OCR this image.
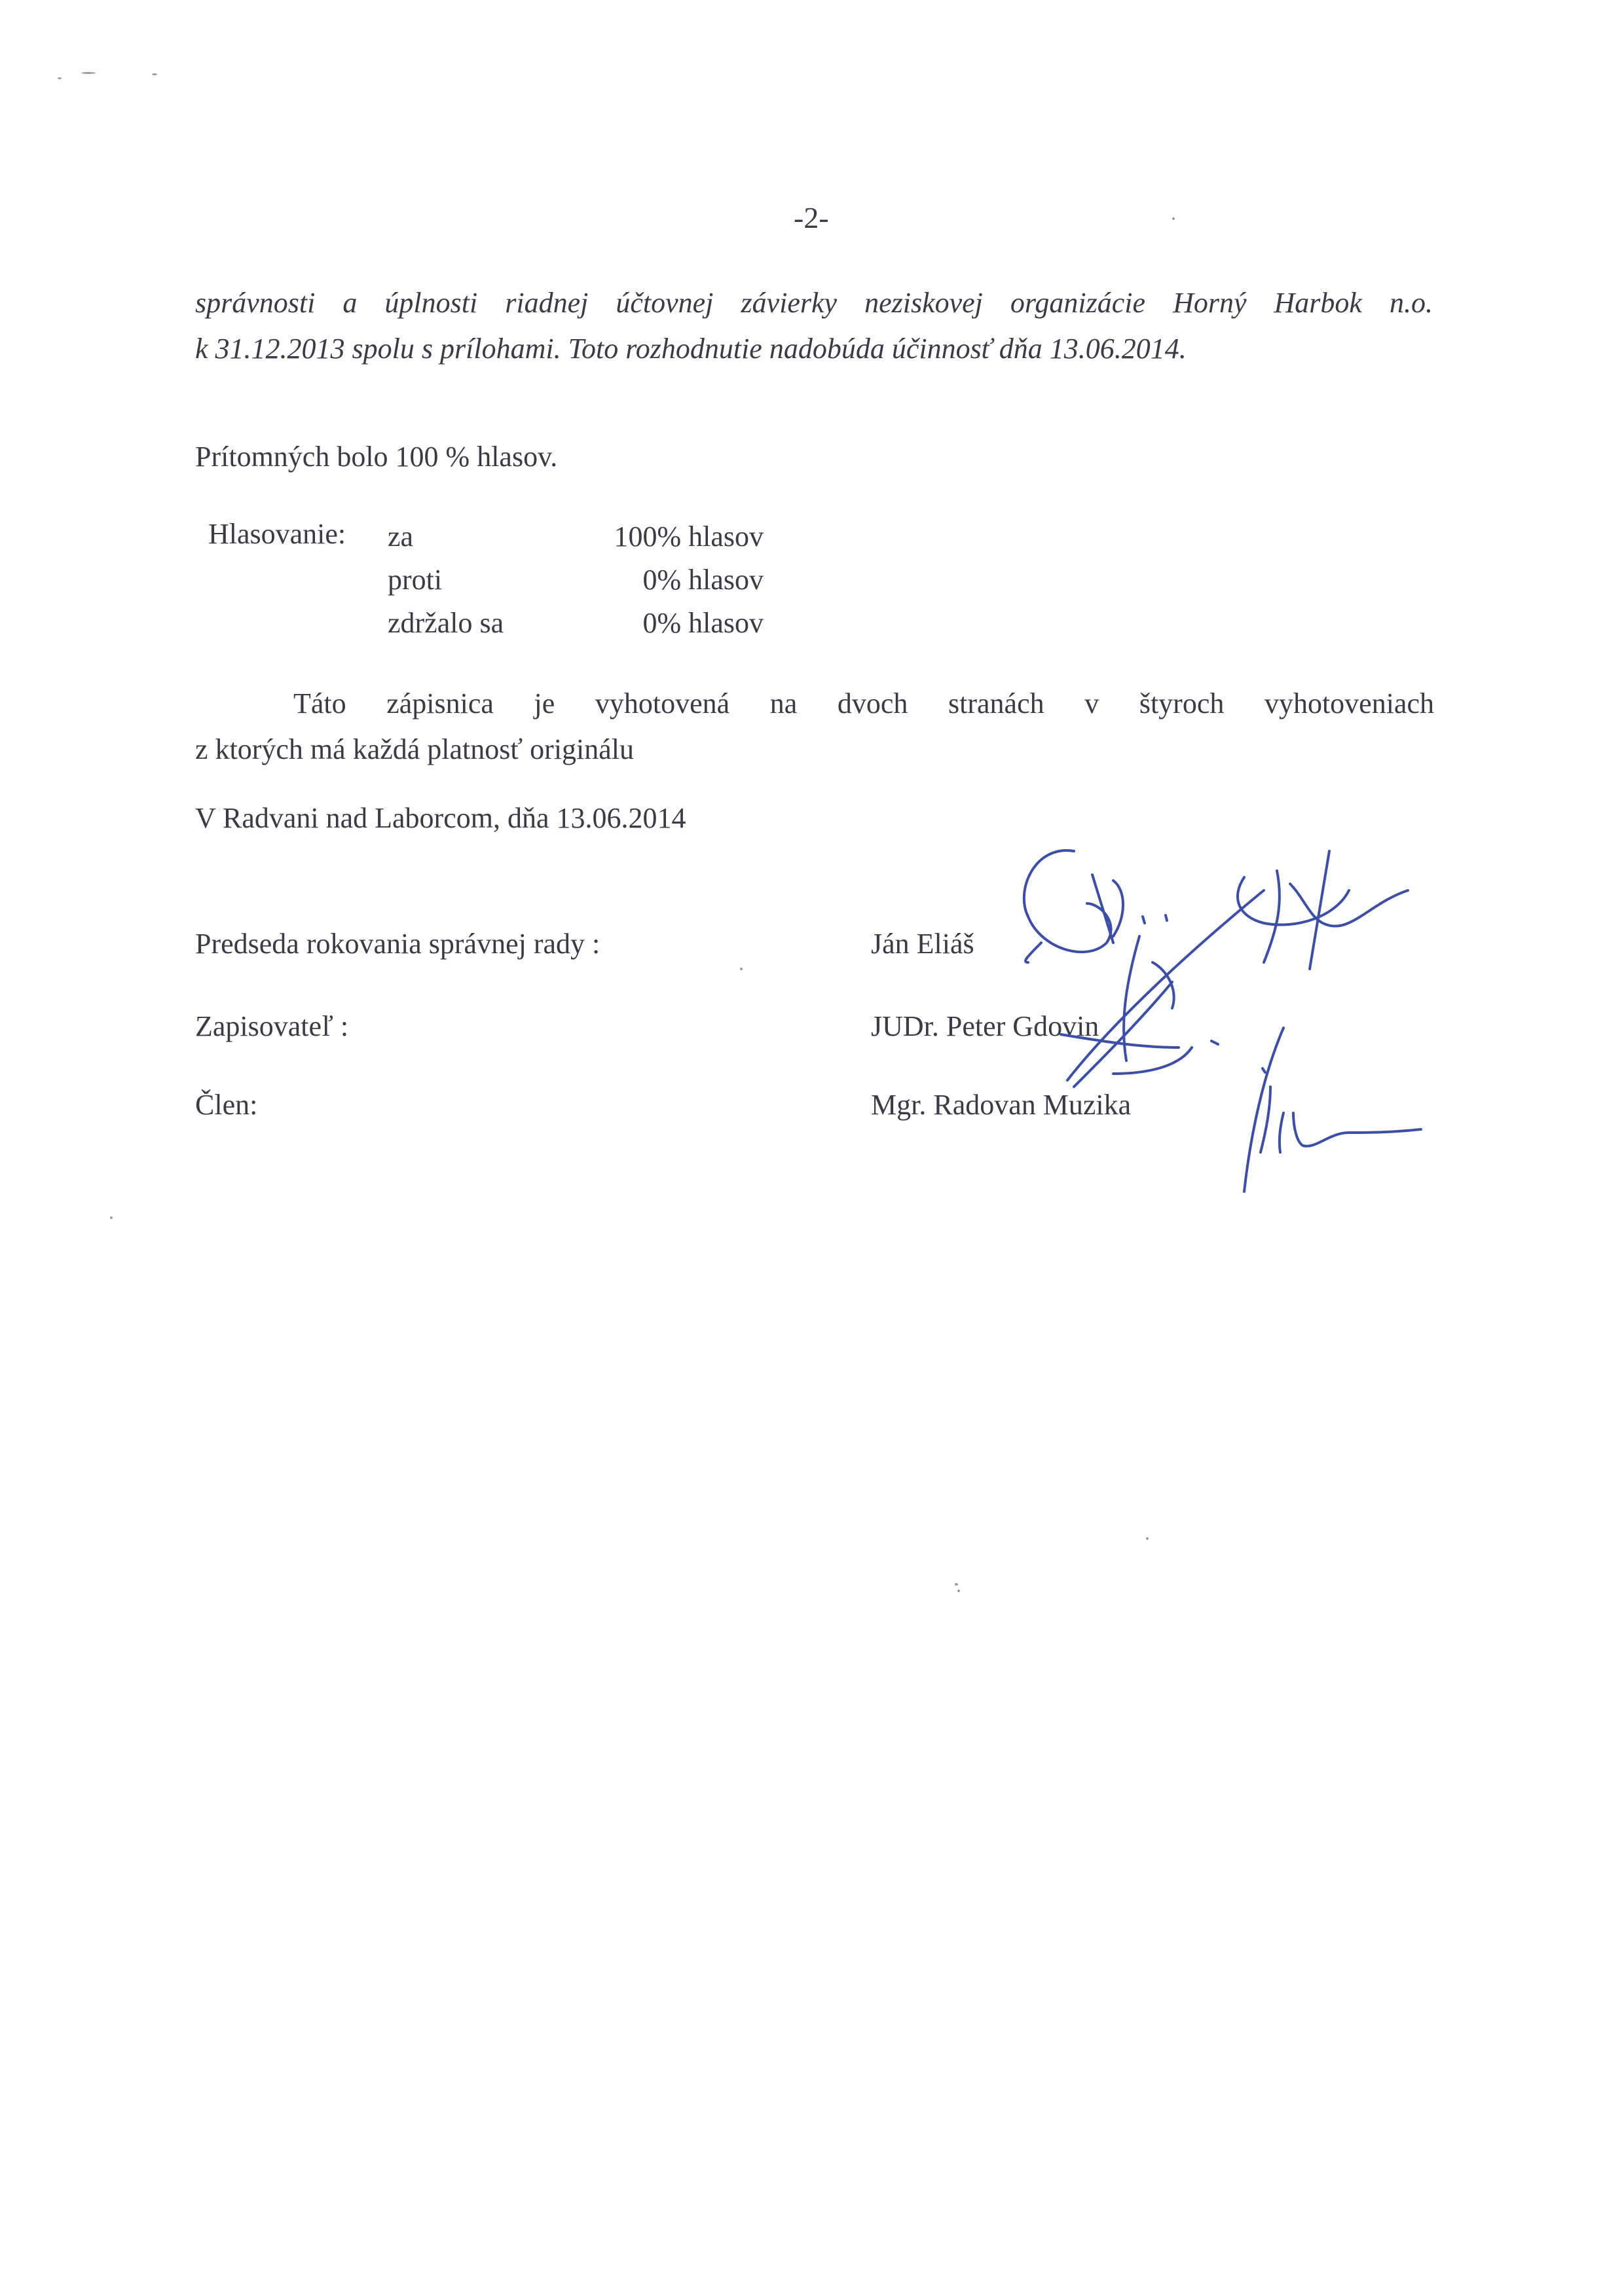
-2-
správnosti a úplnosti riadnej účtovnej závierky neziskovej organizácie Horný Harbok n.o.
k 31.12.2013 spolu s prílohami. Toto rozhodnutie nadobúda účinnosť dňa 13.06.2014.
Prítomných bolo 100 % hlasov.
Hlasovanie: za	100% hlasov
proti	0% hlasov
zdržalo sa	0% hlasov
Táto zápisnica je vyhotovená na dvoch stranách v štyroch vyhotoveniach
z ktorých má každá platnosť originálu
V Radvani nad Laborcom, dňa 13.06.2014
Predseda rokovania správnej rady :	Ján Eliáš
Zapisovateľ :	JUDr. Peter Gdovin
Člen:	Mgr. Radovan Muzika
